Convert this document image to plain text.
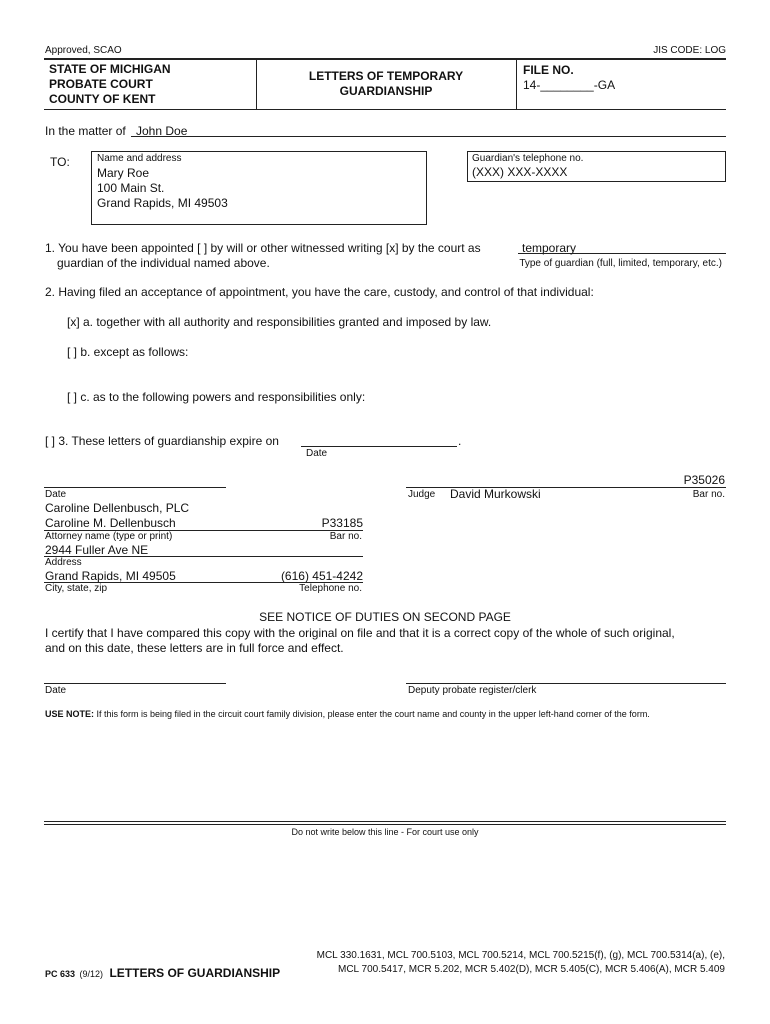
Approved, SCAO	JIS CODE: LOG
STATE OF MICHIGAN
PROBATE COURT
COUNTY OF KENT
LETTERS OF TEMPORARY
GUARDIANSHIP
FILE NO.
14-________-GA
In the matter of John Doe
TO:	Name and address
Mary Roe
100 Main St.
Grand Rapids, MI 49503
Guardian's telephone no.
(XXX) XXX-XXXX
1. You have been appointed [ ] by will or other witnessed writing [x] by the court as	temporary
guardian of the individual named above.	Type of guardian (full, limited, temporary, etc.)
2. Having filed an acceptance of appointment, you have the care, custody, and control of that individual:
[x] a. together with all authority and responsibilities granted and imposed by law.
[ ] b. except as follows:
[ ] c. as to the following powers and responsibilities only:
[ ] 3. These letters of guardianship expire on	.
Date
Date
P35026
Judge David Murkowski	Bar no.
Caroline Dellenbusch, PLC
Caroline M. Dellenbusch	P33185
Attorney name (type or print)	Bar no.
2944 Fuller Ave NE
Address
Grand Rapids, MI 49505	(616) 451-4242
City, state, zip	Telephone no.
SEE NOTICE OF DUTIES ON SECOND PAGE
I certify that I have compared this copy with the original on file and that it is a correct copy of the whole of such original,
and on this date, these letters are in full force and effect.
Date	Deputy probate register/clerk
USE NOTE: If this form is being filed in the circuit court family division, please enter the court name and county in the upper left-hand corner of the form.
Do not write below this line - For court use only
PC 633 (9/12) LETTERS OF GUARDIANSHIP
MCL 330.1631, MCL 700.5103, MCL 700.5214, MCL 700.5215(f), (g), MCL 700.5314(a), (e),
MCL 700.5417, MCR 5.202, MCR 5.402(D), MCR 5.405(C), MCR 5.406(A), MCR 5.409
